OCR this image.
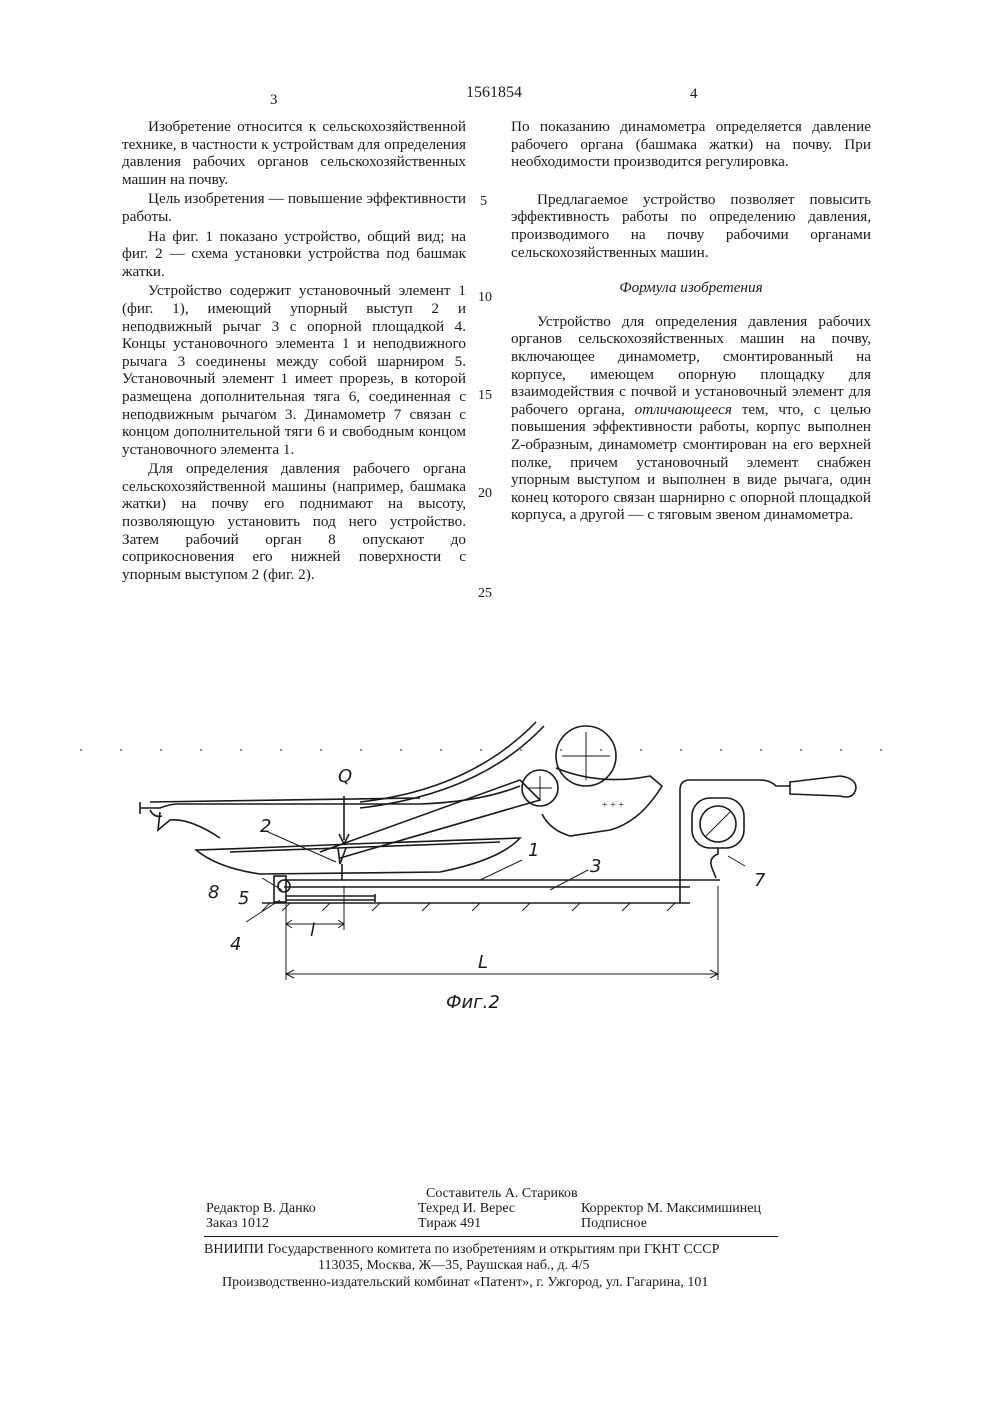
3	1561854	4

Изобретение относится к сельскохозяйственной технике, в частности к устройствам для определения давления рабочих органов сельскохозяйственных машин на почву.

Цель изобретения — повышение эффективности работы.

На фиг. 1 показано устройство, общий вид; на фиг. 2 — схема установки устройства под башмак жатки.

Устройство содержит установочный элемент 1 (фиг. 1), имеющий упорный выступ 2 и неподвижный рычаг 3 с опорной площадкой 4. Концы установочного элемента 1 и неподвижного рычага 3 соединены между собой шарниром 5. Установочный элемент 1 имеет прорезь, в которой размещена дополнительная тяга 6, соединенная с неподвижным рычагом 3. Динамометр 7 связан с концом дополнительной тяги 6 и свободным концом установочного элемента 1.

Для определения давления рабочего органа сельскохозяйственной машины (например, башмака жатки) на почву его поднимают на высоту, позволяющую установить под него устройство. Затем рабочий орган 8 опускают до соприкосновения его нижней поверхности с упорным выступом 2 (фиг. 2).

5
10
15
20
25

По показанию динамометра определяется давление рабочего органа (башмака жатки) на почву. При необходимости производится регулировка.

Предлагаемое устройство позволяет повысить эффективность работы по определению давления, производимого на почву рабочими органами сельскохозяйственных машин.

Формула изобретения

Устройство для определения давления рабочих органов сельскохозяйственных машин на почву, включающее динамометр, смонтированный на корпусе, имеющем опорную площадку для взаимодействия с почвой и установочный элемент для рабочего органа, отличающееся тем, что, с целью повышения эффективности работы, корпус выполнен Z-образным, динамометр смонтирован на его верхней полке, причем установочный элемент снабжен упорным выступом и выполнен в виде рычага, один конец которого связан шарнирно с опорной площадкой корпуса, а другой — с тяговым звеном динамометра.

+ + +
Q
1
2
3
4
5
7
8
l
L
Фиг.2
Составитель А. Стариков
Редактор В. Данко	Техред И. Верес	Корректор М. Максимишинец
Заказ 1012	Тираж 491	Подписное
ВНИИПИ Государственного комитета по изобретениям и открытиям при ГКНТ СССР
113035, Москва, Ж—35, Раушская наб., д. 4/5
Производственно-издательский комбинат «Патент», г. Ужгород, ул. Гагарина, 101
